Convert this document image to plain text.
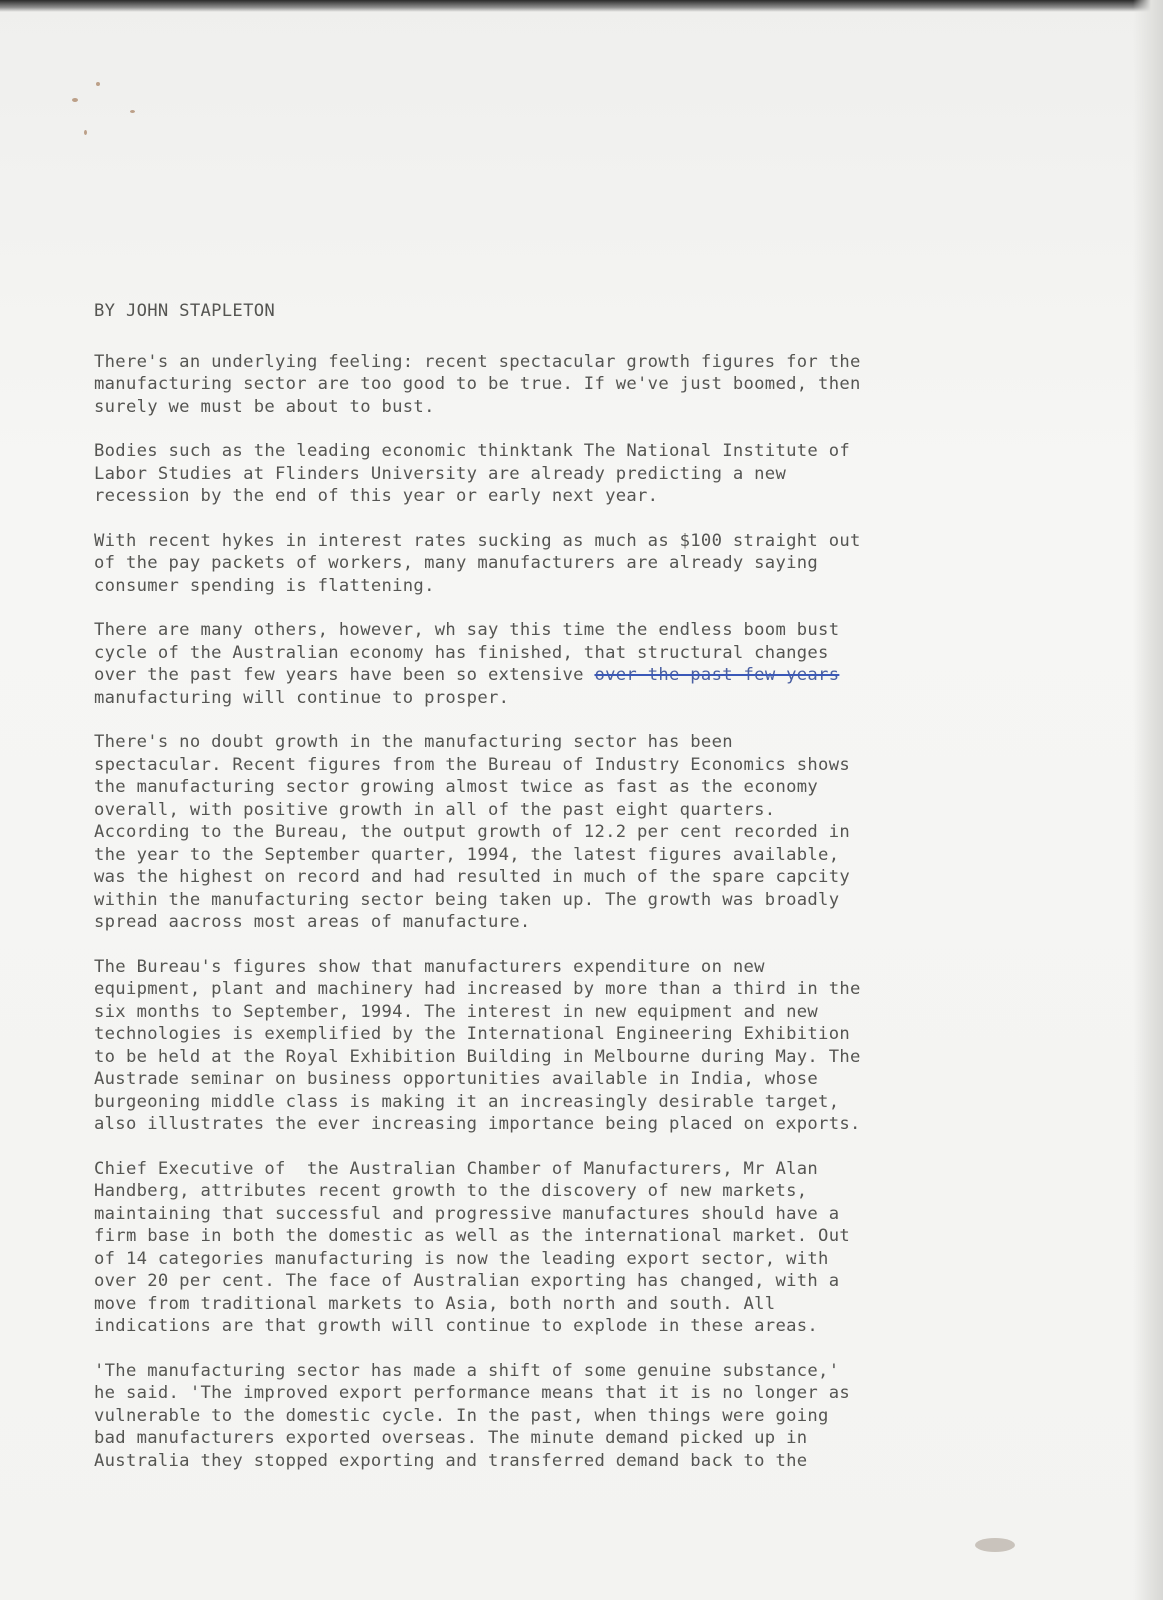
BY JOHN STAPLETON
There's an underlying feeling: recent spectacular growth figures for the
manufacturing sector are too good to be true. If we've just boomed, then
surely we must be about to bust.
Bodies such as the leading economic thinktank The National Institute of
Labor Studies at Flinders University are already predicting a new
recession by the end of this year or early next year.
With recent hykes in interest rates sucking as much as $100 straight out
of the pay packets of workers, many manufacturers are already saying
consumer spending is flattening.
There are many others, however, wh say this time the endless boom bust
cycle of the Australian economy has finished, that structural changes
over the past few years have been so extensive over the past few years
manufacturing will continue to prosper.
There's no doubt growth in the manufacturing sector has been
spectacular. Recent figures from the Bureau of Industry Economics shows
the manufacturing sector growing almost twice as fast as the economy
overall, with positive growth in all of the past eight quarters.
According to the Bureau, the output growth of 12.2 per cent recorded in
the year to the September quarter, 1994, the latest figures available,
was the highest on record and had resulted in much of the spare capcity
within the manufacturing sector being taken up. The growth was broadly
spread aacross most areas of manufacture.
The Bureau's figures show that manufacturers expenditure on new
equipment, plant and machinery had increased by more than a third in the
six months to September, 1994. The interest in new equipment and new
technologies is exemplified by the International Engineering Exhibition
to be held at the Royal Exhibition Building in Melbourne during May. The
Austrade seminar on business opportunities available in India, whose
burgeoning middle class is making it an increasingly desirable target,
also illustrates the ever increasing importance being placed on exports.
Chief Executive of  the Australian Chamber of Manufacturers, Mr Alan
Handberg, attributes recent growth to the discovery of new markets,
maintaining that successful and progressive manufactures should have a
firm base in both the domestic as well as the international market. Out
of 14 categories manufacturing is now the leading export sector, with
over 20 per cent. The face of Australian exporting has changed, with a
move from traditional markets to Asia, both north and south. All
indications are that growth will continue to explode in these areas.
'The manufacturing sector has made a shift of some genuine substance,'
he said. 'The improved export performance means that it is no longer as
vulnerable to the domestic cycle. In the past, when things were going
bad manufacturers exported overseas. The minute demand picked up in
Australia they stopped exporting and transferred demand back to the
